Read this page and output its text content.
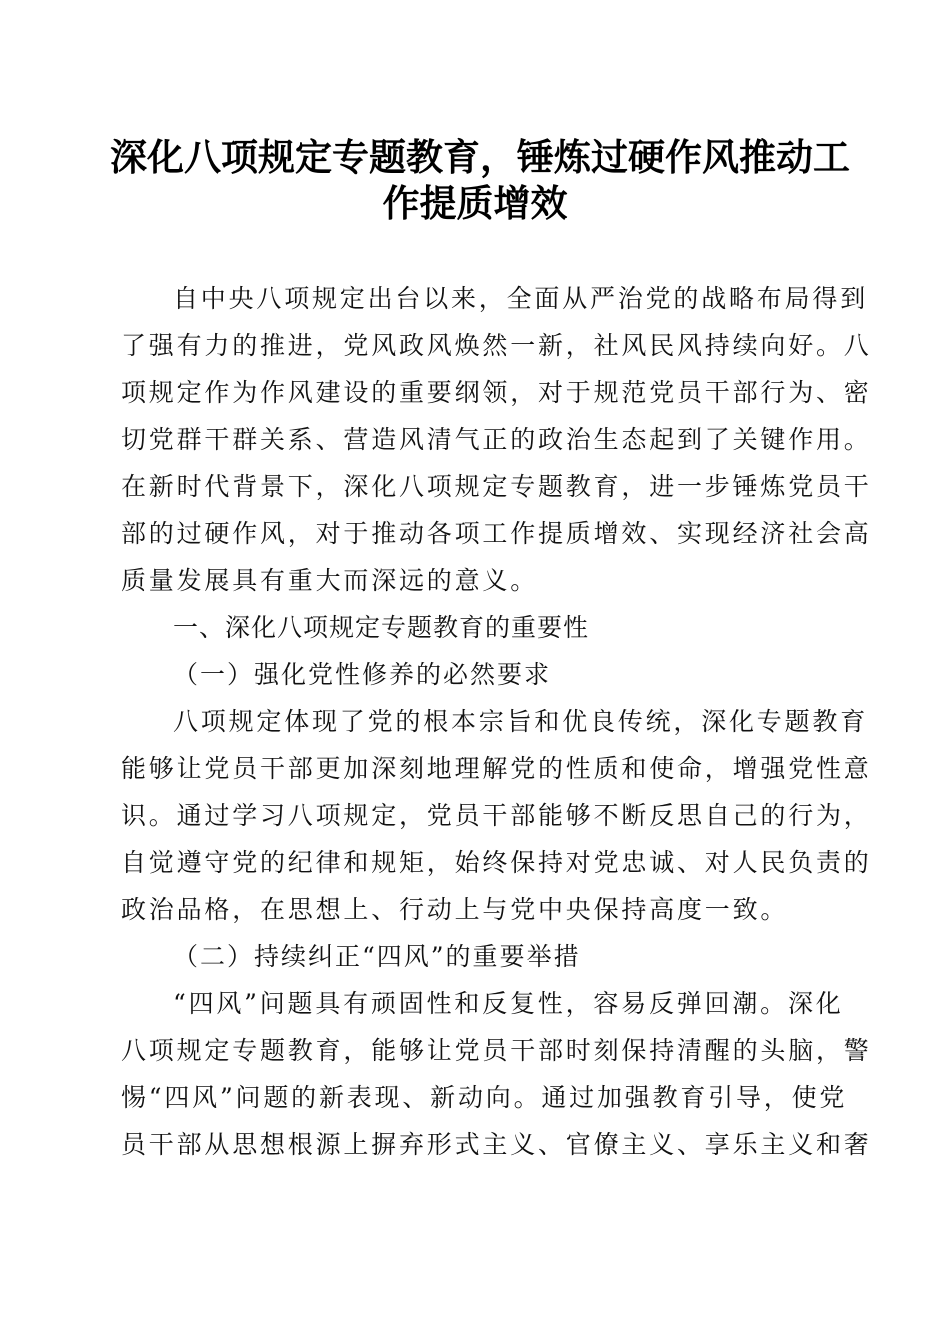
深化八项规定专题教育，锤炼过硬作风推动工
作提质增效
自中央八项规定出台以来，全面从严治党的战略布局得到
了强有力的推进，党风政风焕然一新，社风民风持续向好。八
项规定作为作风建设的重要纲领，对于规范党员干部行为、密
切党群干群关系、营造风清气正的政治生态起到了关键作用。
在新时代背景下，深化八项规定专题教育，进一步锤炼党员干
部的过硬作风，对于推动各项工作提质增效、实现经济社会高
质量发展具有重大而深远的意义。
一、深化八项规定专题教育的重要性
（一）强化党性修养的必然要求
八项规定体现了党的根本宗旨和优良传统，深化专题教育
能够让党员干部更加深刻地理解党的性质和使命，增强党性意
识。通过学习八项规定，党员干部能够不断反思自己的行为，
自觉遵守党的纪律和规矩，始终保持对党忠诚、对人民负责的
政治品格，在思想上、行动上与党中央保持高度一致。
（二）持续纠正“四风”的重要举措
“四风”问题具有顽固性和反复性，容易反弹回潮。深化
八项规定专题教育，能够让党员干部时刻保持清醒的头脑，警
惕“四风”问题的新表现、新动向。通过加强教育引导，使党
员干部从思想根源上摒弃形式主义、官僚主义、享乐主义和奢
